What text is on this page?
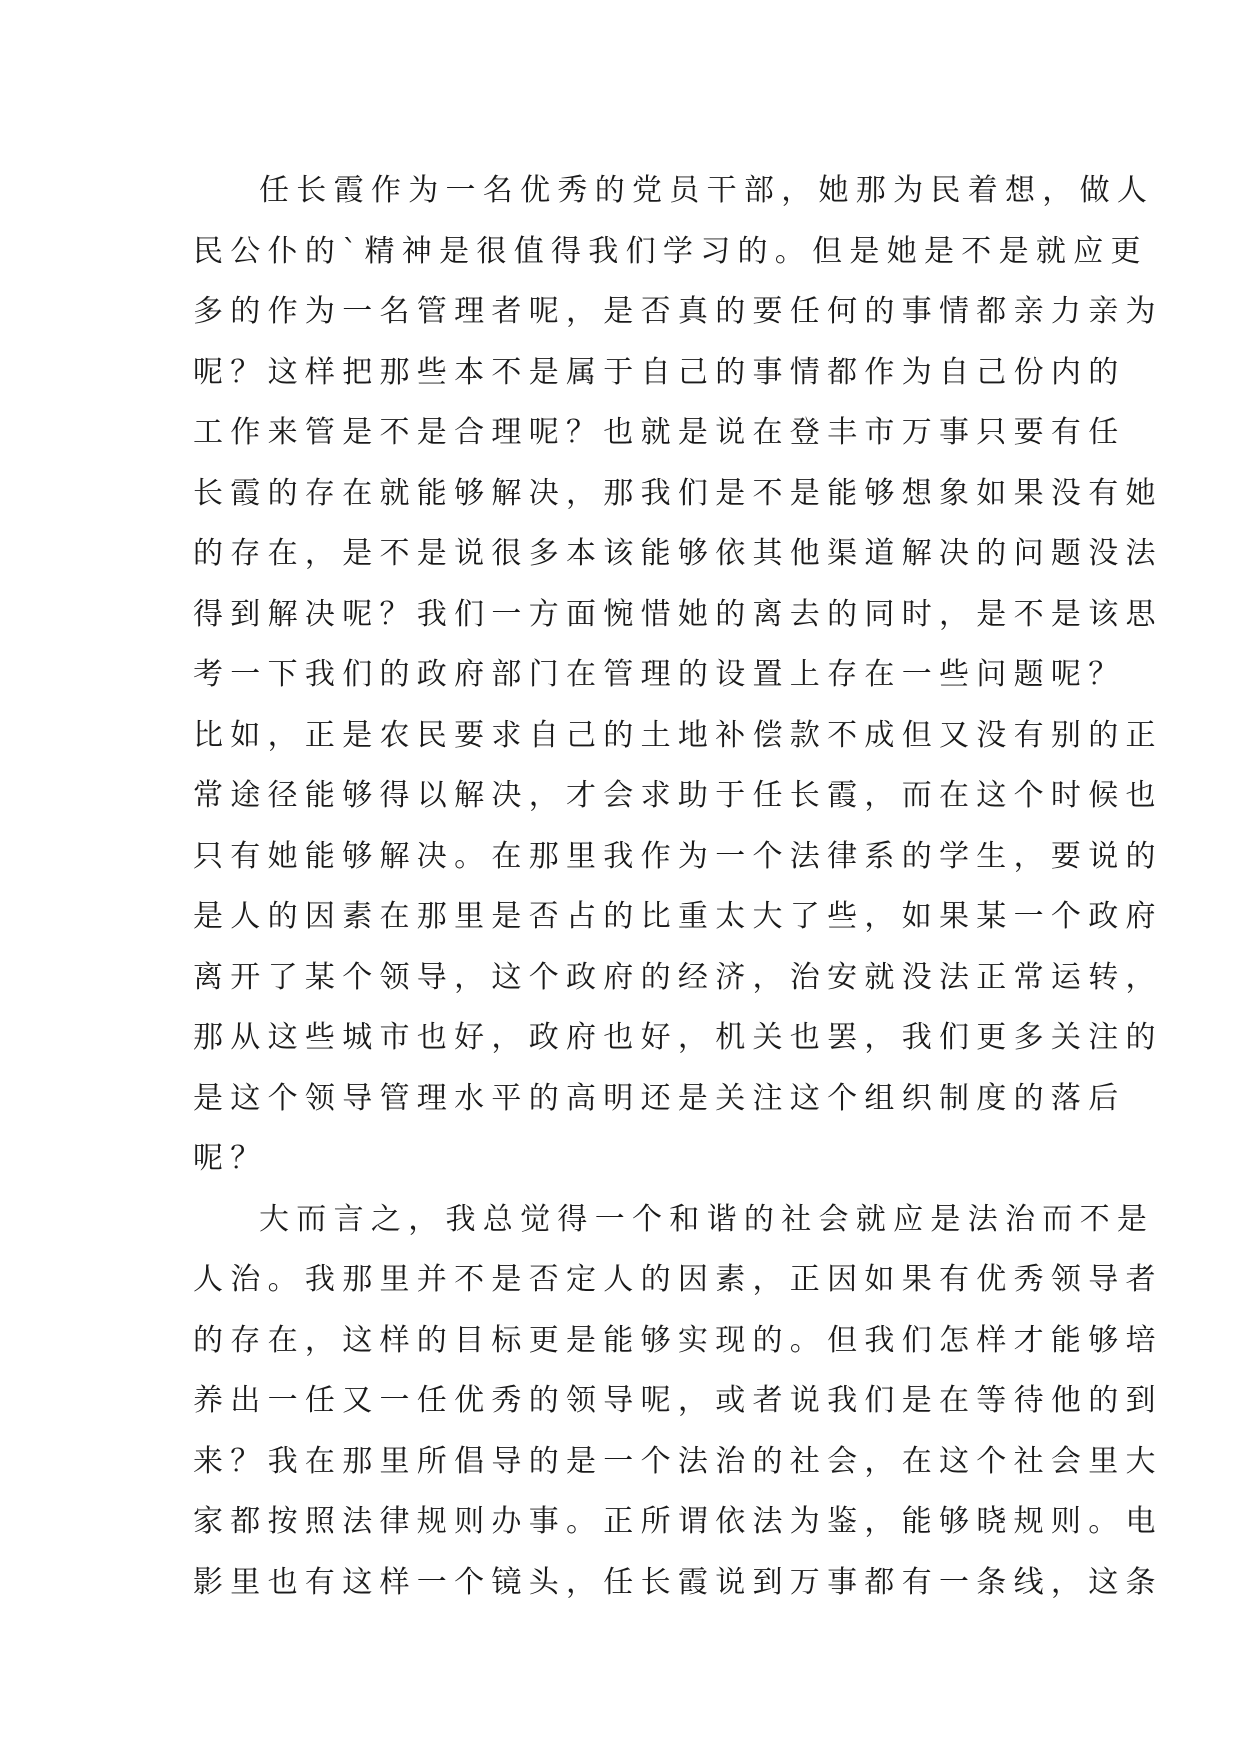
任长霞作为一名优秀的党员干部，她那为民着想，做人
民公仆的`精神是很值得我们学习的。但是她是不是就应更
多的作为一名管理者呢，是否真的要任何的事情都亲力亲为
呢？这样把那些本不是属于自己的事情都作为自己份内的
工作来管是不是合理呢？也就是说在登丰市万事只要有任
长霞的存在就能够解决，那我们是不是能够想象如果没有她
的存在，是不是说很多本该能够依其他渠道解决的问题没法
得到解决呢？我们一方面惋惜她的离去的同时，是不是该思
考一下我们的政府部门在管理的设置上存在一些问题呢？
比如，正是农民要求自己的土地补偿款不成但又没有别的正
常途径能够得以解决，才会求助于任长霞，而在这个时候也
只有她能够解决。在那里我作为一个法律系的学生，要说的
是人的因素在那里是否占的比重太大了些，如果某一个政府
离开了某个领导，这个政府的经济，治安就没法正常运转，
那从这些城市也好，政府也好，机关也罢，我们更多关注的
是这个领导管理水平的高明还是关注这个组织制度的落后
呢？
大而言之，我总觉得一个和谐的社会就应是法治而不是
人治。我那里并不是否定人的因素，正因如果有优秀领导者
的存在，这样的目标更是能够实现的。但我们怎样才能够培
养出一任又一任优秀的领导呢，或者说我们是在等待他的到
来？我在那里所倡导的是一个法治的社会，在这个社会里大
家都按照法律规则办事。正所谓依法为鉴，能够晓规则。电
影里也有这样一个镜头，任长霞说到万事都有一条线，这条
